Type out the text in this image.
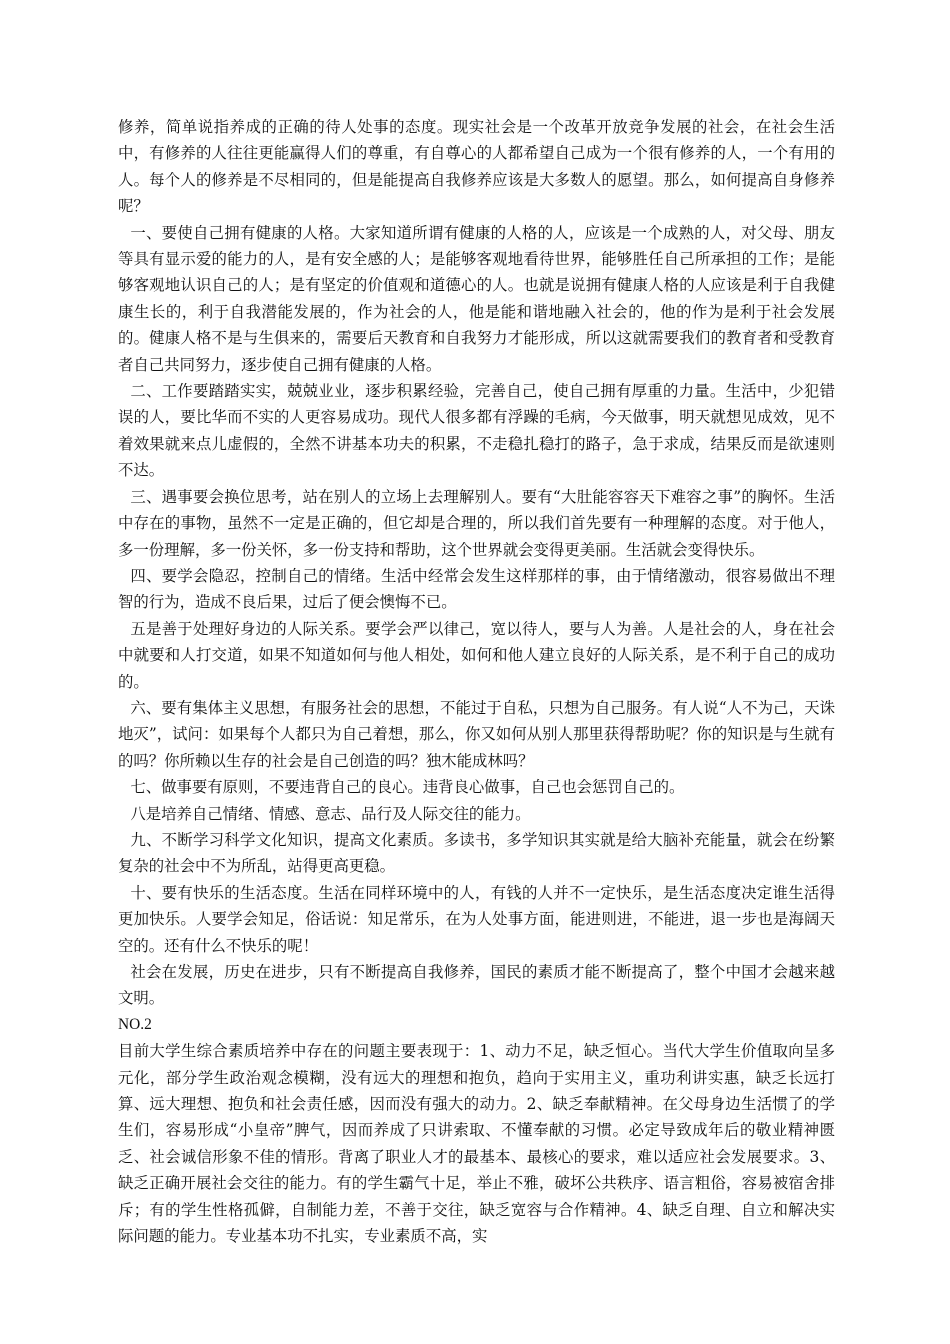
修养，简单说指养成的正确的待人处事的态度。现实社会是一个改革开放竞争发展的社会，在社会生活中，有修养的人往往更能赢得人们的尊重，有自尊心的人都希望自己成为一个很有修养的人，一个有用的人。每个人的修养是不尽相同的，但是能提高自我修养应该是大多数人的愿望。那么，如何提高自身修养呢？

一、要使自己拥有健康的人格。大家知道所谓有健康的人格的人，应该是一个成熟的人，对父母、朋友等具有显示爱的能力的人，是有安全感的人；是能够客观地看待世界，能够胜任自己所承担的工作；是能够客观地认识自己的人；是有坚定的价值观和道德心的人。也就是说拥有健康人格的人应该是利于自我健康生长的，利于自我潜能发展的，作为社会的人，他是能和谐地融入社会的，他的作为是利于社会发展的。健康人格不是与生俱来的，需要后天教育和自我努力才能形成，所以这就需要我们的教育者和受教育者自己共同努力，逐步使自己拥有健康的人格。

二、工作要踏踏实实，兢兢业业，逐步积累经验，完善自己，使自己拥有厚重的力量。生活中，少犯错误的人，要比华而不实的人更容易成功。现代人很多都有浮躁的毛病，今天做事，明天就想见成效，见不着效果就来点儿虚假的，全然不讲基本功夫的积累，不走稳扎稳打的路子，急于求成，结果反而是欲速则不达。

三、遇事要会换位思考，站在别人的立场上去理解别人。要有“大肚能容容天下难容之事”的胸怀。生活中存在的事物，虽然不一定是正确的，但它却是合理的，所以我们首先要有一种理解的态度。对于他人，多一份理解，多一份关怀，多一份支持和帮助，这个世界就会变得更美丽。生活就会变得快乐。

四、要学会隐忍，控制自己的情绪。生活中经常会发生这样那样的事，由于情绪激动，很容易做出不理智的行为，造成不良后果，过后了便会懊悔不已。

五是善于处理好身边的人际关系。要学会严以律己，宽以待人，要与人为善。人是社会的人，身在社会中就要和人打交道，如果不知道如何与他人相处，如何和他人建立良好的人际关系，是不利于自己的成功的。

六、要有集体主义思想，有服务社会的思想，不能过于自私，只想为自己服务。有人说“人不为己，天诛地灭”，试问：如果每个人都只为自己着想，那么，你又如何从别人那里获得帮助呢？你的知识是与生就有的吗？你所赖以生存的社会是自己创造的吗？独木能成林吗？

七、做事要有原则，不要违背自己的良心。违背良心做事，自己也会惩罚自己的。

八是培养自己情绪、情感、意志、品行及人际交往的能力。

九、不断学习科学文化知识，提高文化素质。多读书，多学知识其实就是给大脑补充能量，就会在纷繁复杂的社会中不为所乱，站得更高更稳。

十、要有快乐的生活态度。生活在同样环境中的人，有钱的人并不一定快乐，是生活态度决定谁生活得更加快乐。人要学会知足，俗话说：知足常乐，在为人处事方面，能进则进，不能进，退一步也是海阔天空的。还有什么不快乐的呢！

社会在发展，历史在进步，只有不断提高自我修养，国民的素质才能不断提高了，整个中国才会越来越文明。

NO.2

目前大学生综合素质培养中存在的问题主要表现于：1、动力不足，缺乏恒心。当代大学生价值取向呈多元化，部分学生政治观念模糊，没有远大的理想和抱负，趋向于实用主义，重功利讲实惠，缺乏长远打算、远大理想、抱负和社会责任感，因而没有强大的动力。2、缺乏奉献精神。在父母身边生活惯了的学生们，容易形成“小皇帝”脾气，因而养成了只讲索取、不懂奉献的习惯。必定导致成年后的敬业精神匮乏、社会诚信形象不佳的情形。背离了职业人才的最基本、最核心的要求，难以适应社会发展要求。3、缺乏正确开展社会交往的能力。有的学生霸气十足，举止不雅，破坏公共秩序、语言粗俗，容易被宿舍排斥；有的学生性格孤僻，自制能力差，不善于交往，缺乏宽容与合作精神。4、缺乏自理、自立和解决实际问题的能力。专业基本功不扎实，专业素质不高，实
